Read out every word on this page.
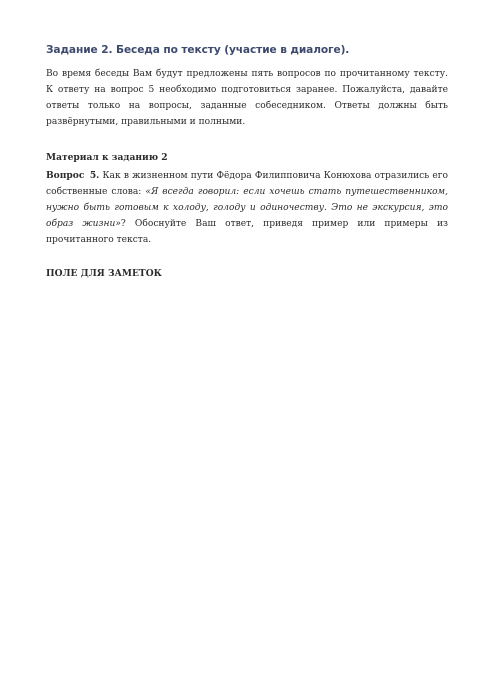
Задание 2. Беседа по тексту (участие в диалоге).

Во время беседы Вам будут предложены пять вопросов по прочитанному тексту. К ответу на вопрос 5 необходимо подготовиться заранее. Пожалуйста, давайте ответы только на вопросы, заданные собеседником. Ответы должны быть развёрнутыми, правильными и полными.

Материал к заданию 2

Вопрос 5. Как в жизненном пути Фёдора Филипповича Конюхова отразились его собственные слова: «Я всегда говорил: если хочешь стать путешественником, нужно быть готовым к холоду, голоду и одиночеству. Это не экскурсия, это образ жизни»? Обоснуйте Ваш ответ, приведя пример или примеры из прочитанного текста.

ПОЛЕ ДЛЯ ЗАМЕТОК
